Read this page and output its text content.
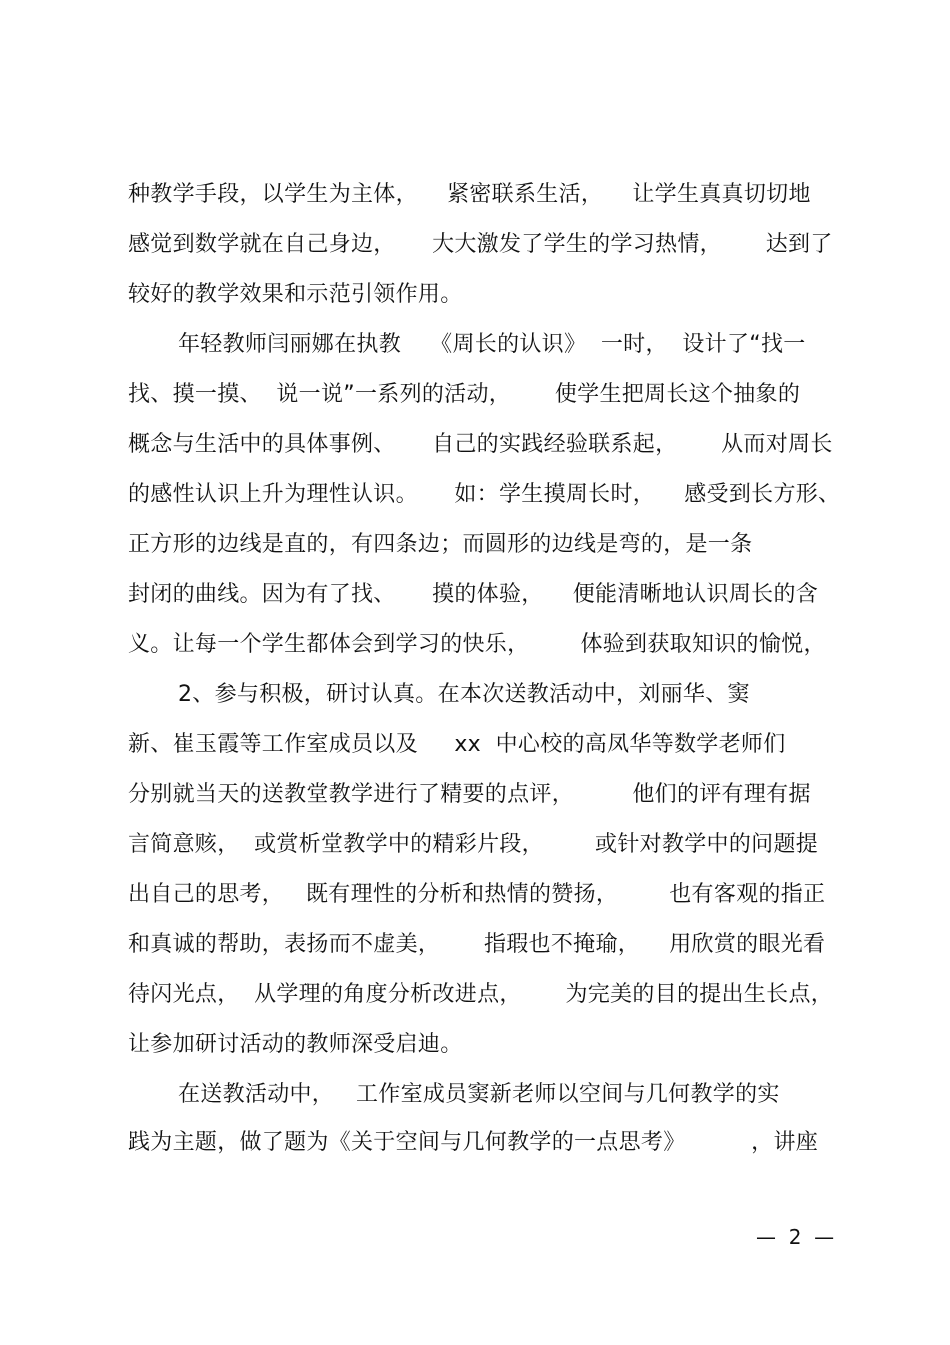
种教学手段，以学生为主体，    紧密联系生活，    让学生真真切切地
感觉到数学就在自己身边，     大大激发了学生的学习热情，      达到了
较好的教学效果和示范引领作用。
年轻教师闫丽娜在执教    《周长的认识》  一时，  设计了“找一
找、摸一摸、  说一说”一系列的活动，      使学生把周长这个抽象的
概念与生活中的具体事例、     自己的实践经验联系起，      从而对周长
的感性认识上升为理性认识。     如：学生摸周长时，    感受到长方形、
正方形的边线是直的，有四条边；而圆形的边线是弯的，是一条
封闭的曲线。因为有了找、     摸的体验，    便能清晰地认识周长的含
义。让每一个学生都体会到学习的快乐，       体验到获取知识的愉悦，
2、参与积极，研讨认真。在本次送教活动中，刘丽华、窦
新、崔玉霞等工作室成员以及     xx  中心校的高凤华等数学老师们
分别就当天的送教堂教学进行了精要的点评，        他们的评有理有据
言简意赅，  或赏析堂教学中的精彩片段，       或针对教学中的问题提
出自己的思考，   既有理性的分析和热情的赞扬，       也有客观的指正
和真诚的帮助，表扬而不虚美，      指瑕也不掩瑜，    用欣赏的眼光看
待闪光点，  从学理的角度分析改进点，      为完美的目的提出生长点，
让参加研讨活动的教师深受启迪。
在送教活动中，   工作室成员窦新老师以空间与几何教学的实
践为主题，做了题为《关于空间与几何教学的一点思考》         ，讲座
—  2  —
